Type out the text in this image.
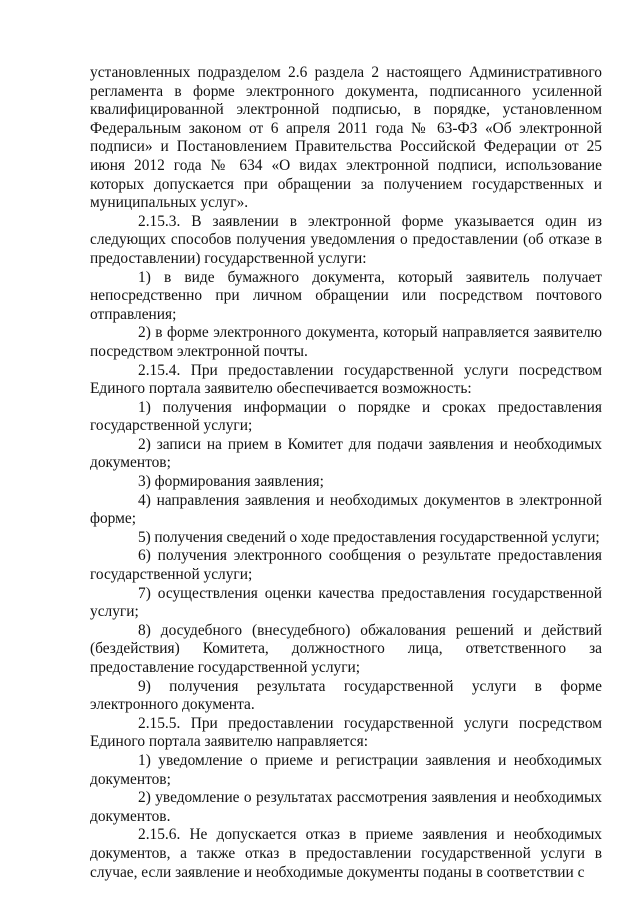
установленных подразделом 2.6 раздела 2 настоящего Административного регламента в форме электронного документа, подписанного усиленной квалифицированной электронной подписью, в порядке, установленном Федеральным законом от 6 апреля 2011 года № 63-ФЗ «Об электронной подписи» и Постановлением Правительства Российской Федерации от 25 июня 2012 года № 634 «О видах электронной подписи, использование которых допускается при обращении за получением государственных и муниципальных услуг».

2.15.3. В заявлении в электронной форме указывается один из следующих способов получения уведомления о предоставлении (об отказе в предоставлении) государственной услуги:

1) в виде бумажного документа, который заявитель получает непосредственно при личном обращении или посредством почтового отправления;

2) в форме электронного документа, который направляется заявителю посредством электронной почты.

2.15.4. При предоставлении государственной услуги посредством Единого портала заявителю обеспечивается возможность:

1) получения информации о порядке и сроках предоставления государственной услуги;

2) записи на прием в Комитет для подачи заявления и необходимых документов;

3) формирования заявления;

4) направления заявления и необходимых документов в электронной форме;

5) получения сведений о ходе предоставления государственной услуги;

6) получения электронного сообщения о результате предоставления государственной услуги;

7) осуществления оценки качества предоставления государственной услуги;

8) досудебного (внесудебного) обжалования решений и действий (бездействия) Комитета, должностного лица, ответственного за предоставление государственной услуги;

9) получения результата государственной услуги в форме электронного документа.

2.15.5. При предоставлении государственной услуги посредством Единого портала заявителю направляется:

1) уведомление о приеме и регистрации заявления и необходимых документов;

2) уведомление о результатах рассмотрения заявления и необходимых документов.

2.15.6. Не допускается отказ в приеме заявления и необходимых документов, а также отказ в предоставлении государственной услуги в случае, если заявление и необходимые документы поданы в соответствии с
